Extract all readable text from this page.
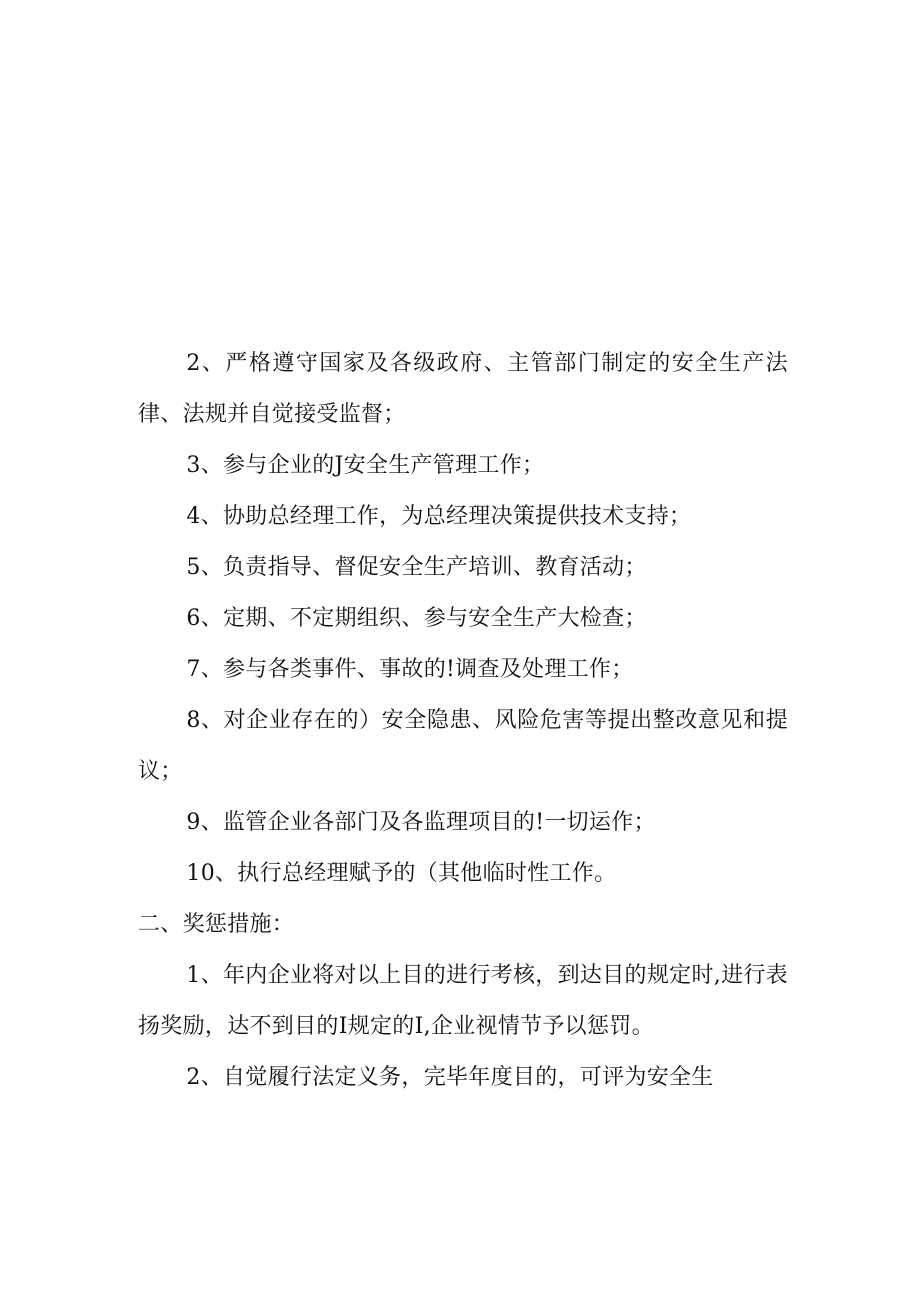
2、严格遵守国家及各级政府、主管部门制定的安全生产法律、法规并自觉接受监督；

3、参与企业的J安全生产管理工作；

4、协助总经理工作，为总经理决策提供技术支持；

5、负责指导、督促安全生产培训、教育活动；

6、定期、不定期组织、参与安全生产大检查；

7、参与各类事件、事故的!调查及处理工作；

8、对企业存在的）安全隐患、风险危害等提出整改意见和提议；

9、监管企业各部门及各监理项目的!一切运作；

10、执行总经理赋予的（其他临时性工作。

二、奖惩措施：

1、年内企业将对以上目的进行考核，到达目的规定时,进行表扬奖励，达不到目的I规定的I,企业视情节予以惩罚。

2、自觉履行法定义务，完毕年度目的，可评为安全生
